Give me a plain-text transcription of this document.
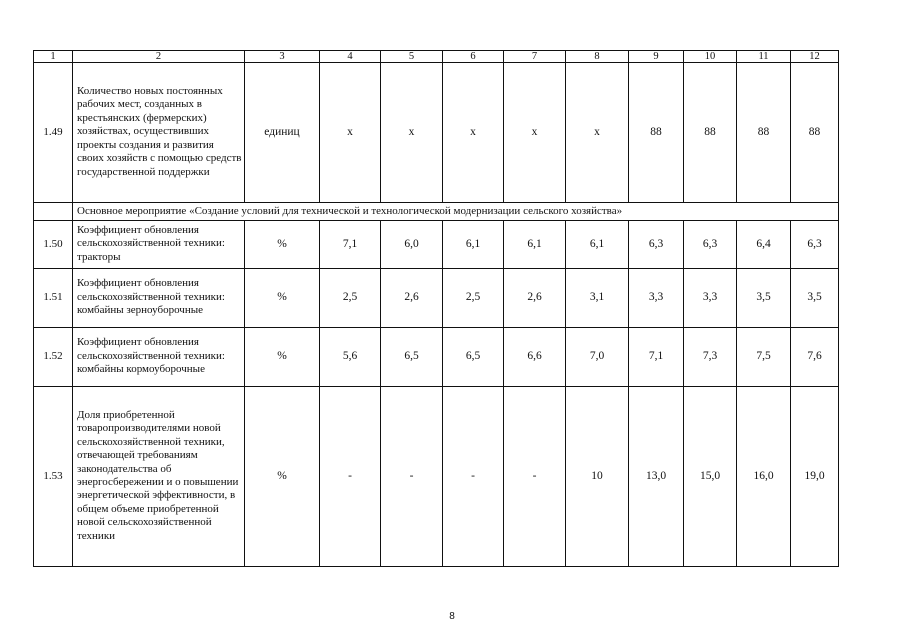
1	2	3	4	5	6	7	8	9	10	11	12
1.49	Количество новых постоянных рабочих мест, созданных в крестьянских (фермерских) хозяйствах, осуществивших проекты создания и развития своих хозяйств с помощью средств государственной поддержки	единиц	х	х	х	х	х	88	88	88	88
	Основное мероприятие «Создание условий для технической и технологической модернизации сельского хозяйства»										
1.50	Коэффициент обновления сельскохозяйственной техники: тракторы	%	7,1	6,0	6,1	6,1	6,1	6,3	6,3	6,4	6,3
1.51	Коэффициент обновления сельскохозяйственной техники: комбайны зерноуборочные	%	2,5	2,6	2,5	2,6	3,1	3,3	3,3	3,5	3,5
1.52	Коэффициент обновления сельскохозяйственной техники: комбайны кормоуборочные	%	5,6	6,5	6,5	6,6	7,0	7,1	7,3	7,5	7,6
1.53	Доля приобретенной товаропроизводителями новой сельскохозяйственной техники, отвечающей требованиям законодательства об энергосбережении и о повышении энергетической эффективности, в общем объеме приобретенной новой сельскохозяйственной техники	%	-	-	-	-	10	13,0	15,0	16,0	19,0
8
